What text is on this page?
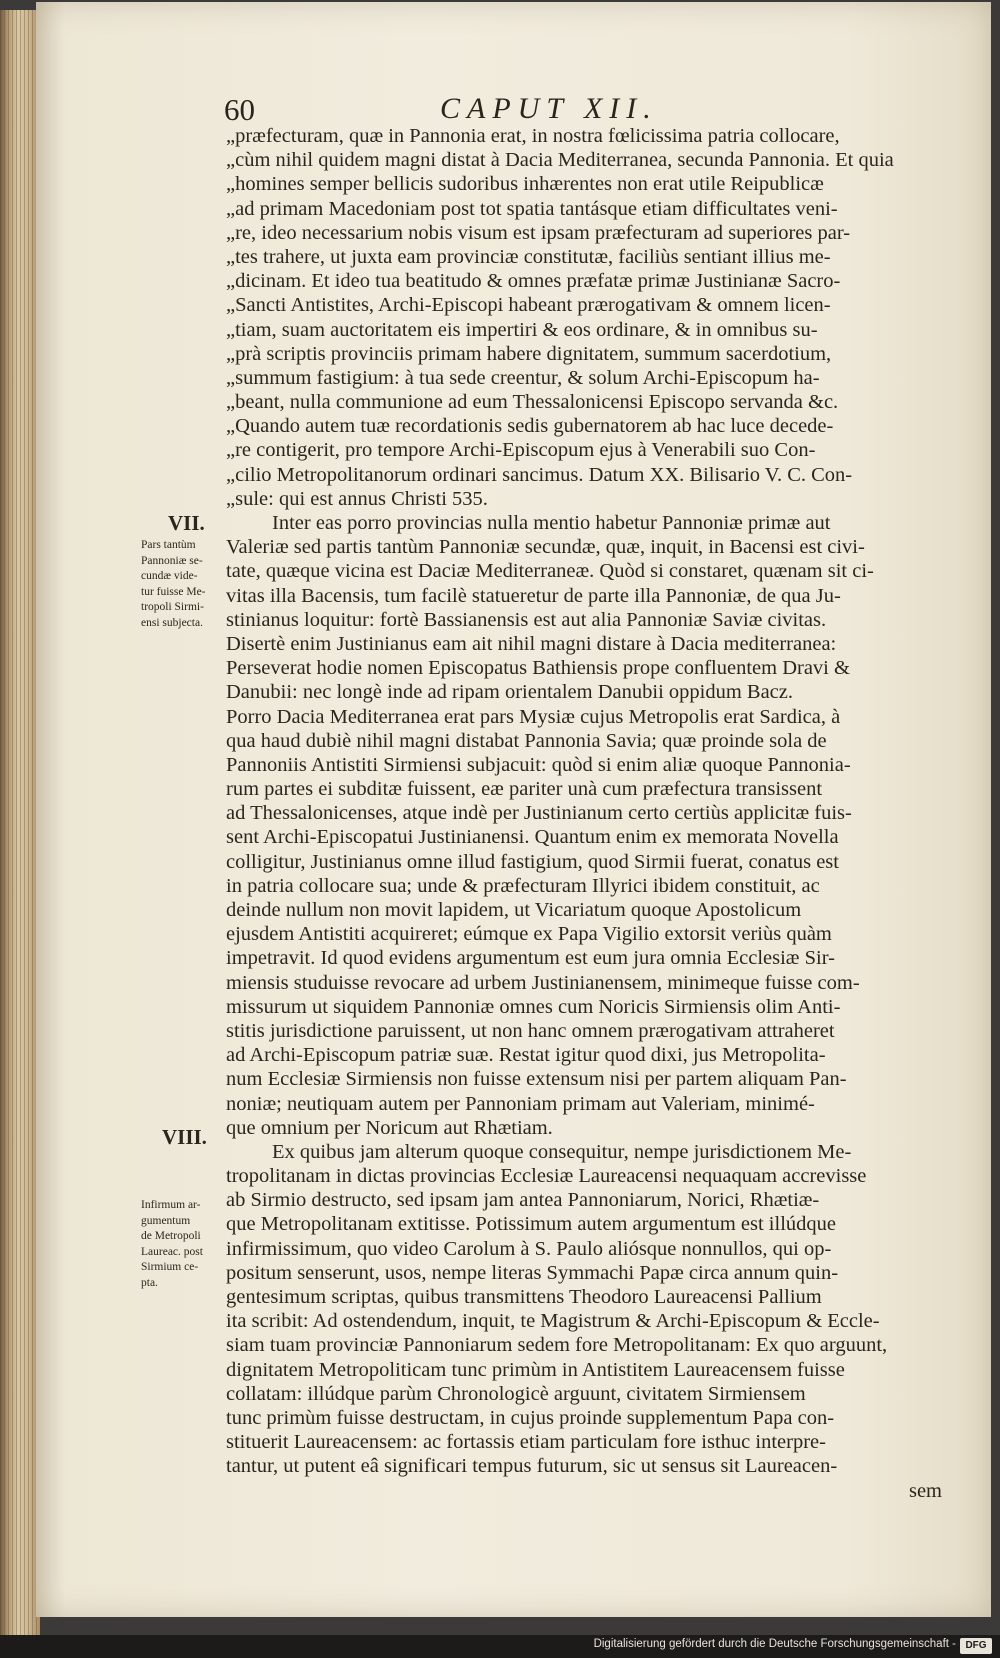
60	CAPUT XII.
„præfecturam, quæ in Pannonia erat, in nostra fœlicissima patria collocare,
„cùm nihil quidem magni distat à Dacia Mediterranea, secunda Pannonia. Et quia
„homines semper bellicis sudoribus inhærentes non erat utile Reipublicæ
„ad primam Macedoniam post tot spatia tantásque etiam difficultates veni-
„re, ideo necessarium nobis visum est ipsam præfecturam ad superiores par-
„tes trahere, ut juxta eam provinciæ constitutæ, faciliùs sentiant illius me-
„dicinam. Et ideo tua beatitudo & omnes præfatæ primæ Justinianæ Sacro-
„Sancti Antistites, Archi-Episcopi habeant prærogativam & omnem licen-
„tiam, suam auctoritatem eis impertiri & eos ordinare, & in omnibus su-
„prà scriptis provinciis primam habere dignitatem, summum sacerdotium,
„summum fastigium: à tua sede creentur, & solum Archi-Episcopum ha-
„beant, nulla communione ad eum Thessalonicensi Episcopo servanda &c.
„Quando autem tuæ recordationis sedis gubernatorem ab hac luce decede-
„re contigerit, pro tempore Archi-Episcopum ejus à Venerabili suo Con-
„cilio Metropolitanorum ordinari sancimus. Datum XX. Bilisario V. C. Con-
„sule: qui est annus Christi 535.
Inter eas porro provincias nulla mentio habetur Pannoniæ primæ aut
Valeriæ sed partis tantùm Pannoniæ secundæ, quæ, inquit, in Bacensi est civi-
tate, quæque vicina est Daciæ Mediterraneæ. Quòd si constaret, quænam sit ci-
vitas illa Bacensis, tum facilè statueretur de parte illa Pannoniæ, de qua Ju-
stinianus loquitur: fortè Bassianensis est aut alia Pannoniæ Saviæ civitas.
Disertè enim Justinianus eam ait nihil magni distare à Dacia mediterranea:
Perseverat hodie nomen Episcopatus Bathiensis prope confluentem Dravi &
Danubii: nec longè inde ad ripam orientalem Danubii oppidum Bacz.
Porro Dacia Mediterranea erat pars Mysiæ cujus Metropolis erat Sardica, à
qua haud dubiè nihil magni distabat Pannonia Savia; quæ proinde sola de
Pannoniis Antistiti Sirmiensi subjacuit: quòd si enim aliæ quoque Pannonia-
rum partes ei subditæ fuissent, eæ pariter unà cum præfectura transissent
ad Thessalonicenses, atque indè per Justinianum certo certiùs applicitæ fuis-
sent Archi-Episcopatui Justinianensi. Quantum enim ex memorata Novella
colligitur, Justinianus omne illud fastigium, quod Sirmii fuerat, conatus est
in patria collocare sua; unde & præfecturam Illyrici ibidem constituit, ac
deinde nullum non movit lapidem, ut Vicariatum quoque Apostolicum
ejusdem Antistiti acquireret; eúmque ex Papa Vigilio extorsit veriùs quàm
impetravit. Id quod evidens argumentum est eum jura omnia Ecclesiæ Sir-
miensis studuisse revocare ad urbem Justinianensem, minimeque fuisse com-
missurum ut siquidem Pannoniæ omnes cum Noricis Sirmiensis olim Anti-
stitis jurisdictione paruissent, ut non hanc omnem prærogativam attraheret
ad Archi-Episcopum patriæ suæ. Restat igitur quod dixi, jus Metropolita-
num Ecclesiæ Sirmiensis non fuisse extensum nisi per partem aliquam Pan-
noniæ; neutiquam autem per Pannoniam primam aut Valeriam, minimé-
que omnium per Noricum aut Rhætiam.
Ex quibus jam alterum quoque consequitur, nempe jurisdictionem Me-
tropolitanam in dictas provincias Ecclesiæ Laureacensi nequaquam accrevisse
ab Sirmio destructo, sed ipsam jam antea Pannoniarum, Norici, Rhætiæ-
que Metropolitanam extitisse. Potissimum autem argumentum est illúdque
infirmissimum, quo video Carolum à S. Paulo aliósque nonnullos, qui op-
positum senserunt, usos, nempe literas Symmachi Papæ circa annum quin-
gentesimum scriptas, quibus transmittens Theodoro Laureacensi Pallium
ita scribit: Ad ostendendum, inquit, te Magistrum & Archi-Episcopum & Eccle-
siam tuam provinciæ Pannoniarum sedem fore Metropolitanam: Ex quo arguunt,
dignitatem Metropoliticam tunc primùm in Antistitem Laureacensem fuisse
collatam: illúdque parùm Chronologicè arguunt, civitatem Sirmiensem
tunc primùm fuisse destructam, in cujus proinde supplementum Papa con-
stituerit Laureacensem: ac fortassis etiam particulam fore isthuc interpre-
tantur, ut putent eâ significari tempus futurum, sic ut sensus sit Laureacen-
sem
VII.
Pars tantùm
Pannoniæ se-
cundæ vide-
tur fuisse Me-
tropoli Sirmi-
ensi subjecta.
VIII.
Infirmum ar-
gumentum
de Metropoli
Laureac. post
Sirmium ce-
pta.
Digitalisierung gefördert durch die Deutsche Forschungsgemeinschaft - DFG
